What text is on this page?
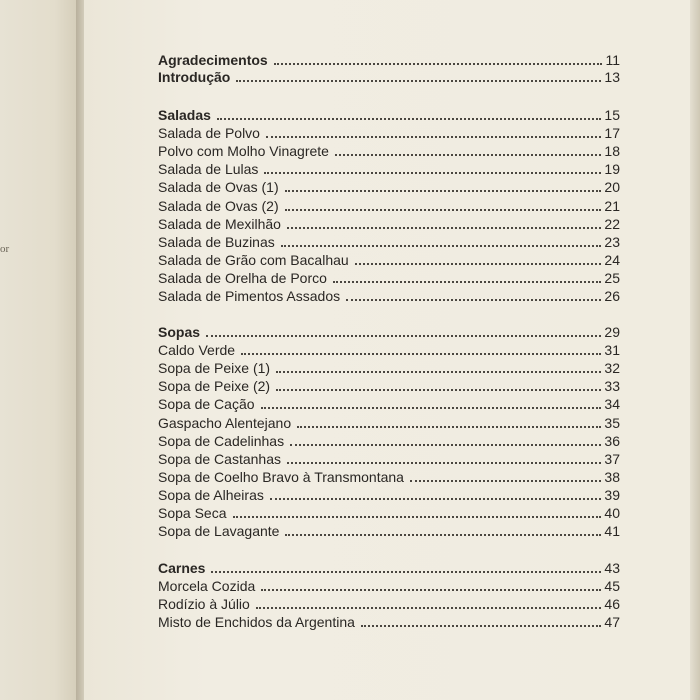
or
Agradecimentos	11
Introdução	13
Saladas	15
Salada de Polvo	17
Polvo com Molho Vinagrete	18
Salada de Lulas	19
Salada de Ovas (1)	20
Salada de Ovas (2)	21
Salada de Mexilhão	22
Salada de Buzinas	23
Salada de Grão com Bacalhau	24
Salada de Orelha de Porco	25
Salada de Pimentos Assados	26
Sopas	29
Caldo Verde	31
Sopa de Peixe (1)	32
Sopa de Peixe (2)	33
Sopa de Cação	34
Gaspacho Alentejano	35
Sopa de Cadelinhas	36
Sopa de Castanhas	37
Sopa de Coelho Bravo à Transmontana	38
Sopa de Alheiras	39
Sopa Seca	40
Sopa de Lavagante	41
Carnes	43
Morcela Cozida	45
Rodízio à Júlio	46
Misto de Enchidos da Argentina	47
